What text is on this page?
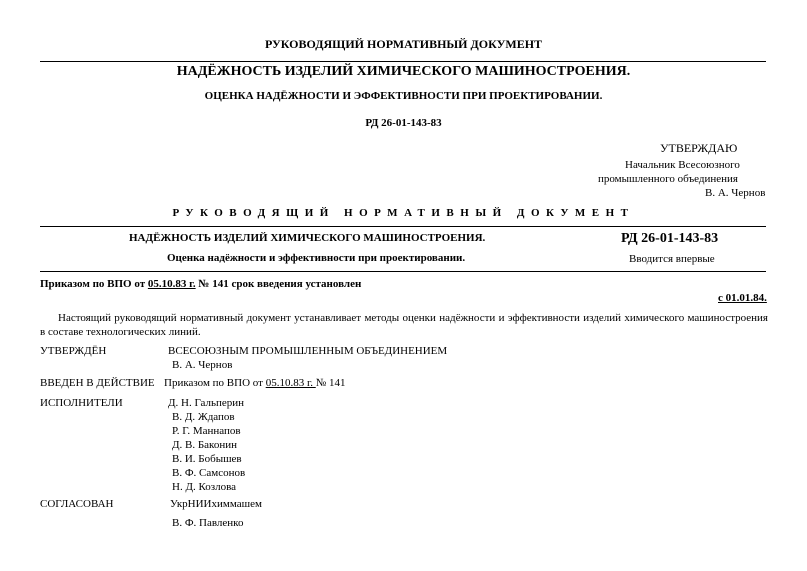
РУКОВОДЯЩИЙ НОРМАТИВНЫЙ ДОКУМЕНТ
НАДЁЖНОСТЬ ИЗДЕЛИЙ ХИМИЧЕСКОГО МАШИНОСТРОЕНИЯ.
ОЦЕНКА НАДЁЖНОСТИ И ЭФФЕКТИВНОСТИ ПРИ ПРОЕКТИРОВАНИИ.
РД 26-01-143-83
УТВЕРЖДАЮ
Начальник Всесоюзного
промышленного объединения
В. А. Чернов
РУКОВОДЯЩИЙ НОРМАТИВНЫЙ ДОКУМЕНТ
НАДЁЖНОСТЬ ИЗДЕЛИЙ ХИМИЧЕСКОГО МАШИНОСТРОЕНИЯ.
Оценка надёжности и эффективности при проектировании.
РД 26-01-143-83
Вводится впервые
Приказом по ВПО от 05.10.83 г. № 141 срок введения установлен
с 01.01.84.
Настоящий руководящий нормативный документ устанавливает методы оценки надёжности и эффективности изделий химического машиностроения в составе технологических линий.
УТВЕРЖДЁН	ВСЕСОЮЗНЫМ ПРОМЫШЛЕННЫМ ОБЪЕДИНЕНИЕМ
В. А. Чернов
ВВЕДЕН В ДЕЙСТВИЕ Приказом по ВПО от 05.10.83 г. № 141
ИСПОЛНИТЕЛИ	Д. Н. Гальперин
В. Д. Ждапов
Р. Г. Маннапов
Д. В. Баконин
В. И. Бобышев
В. Ф. Самсонов
Н. Д. Козлова
СОГЛАСОВАН	УкрНИИхиммашем
В. Ф. Павленко
